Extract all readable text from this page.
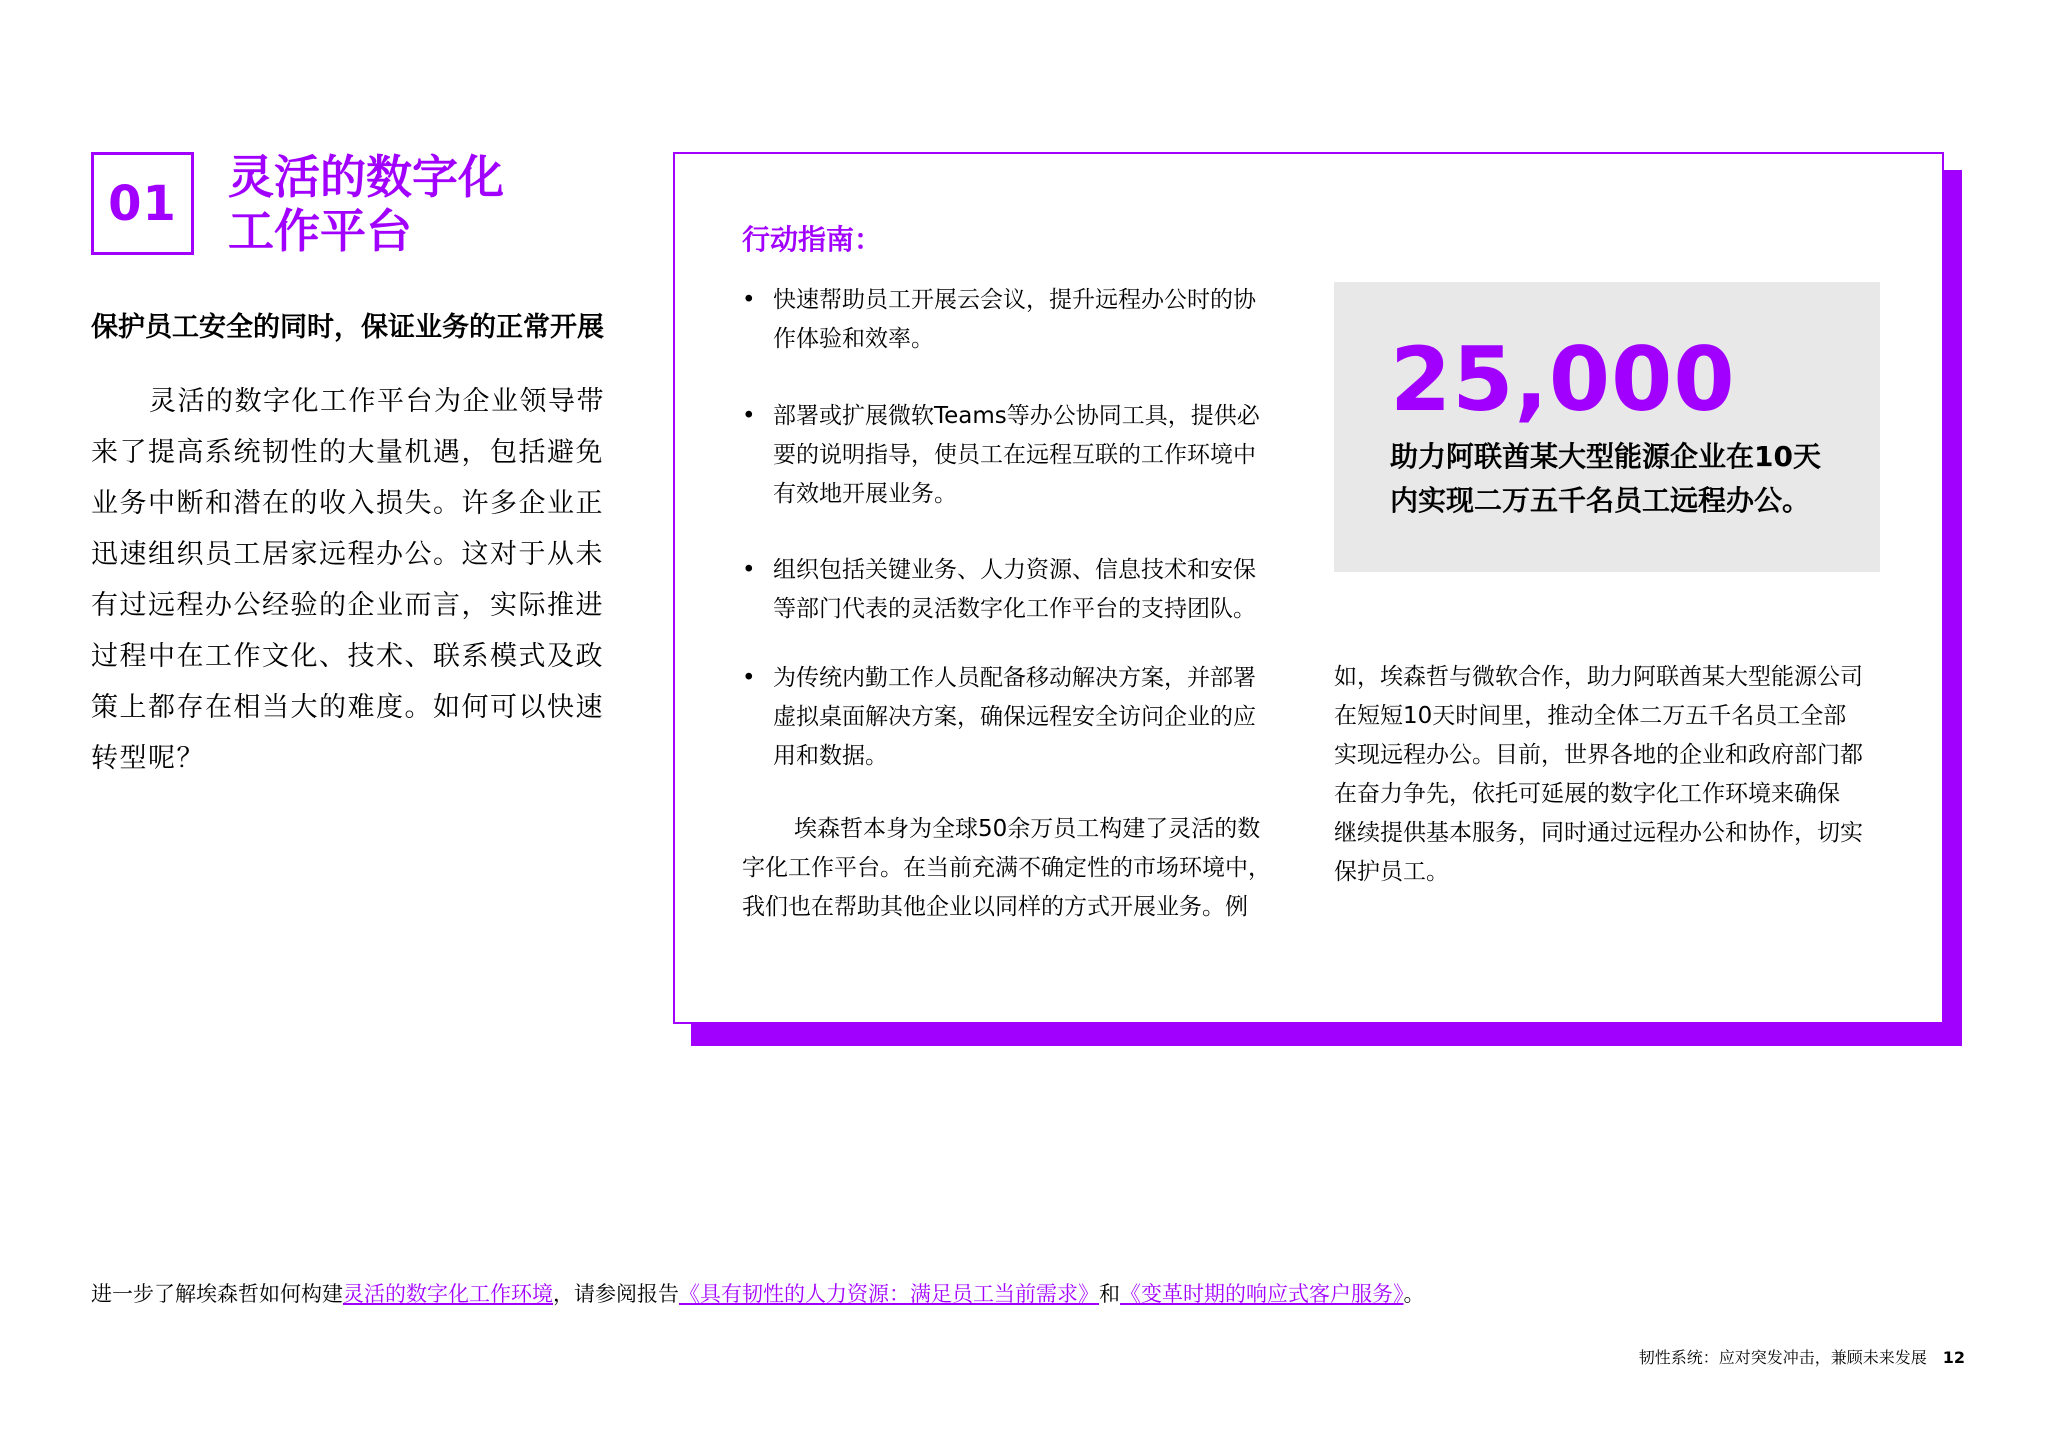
01 灵活的数字化
工作平台
保护员工安全的同时，保证业务的正常开展
灵活的数字化工作平台为企业领导带
来了提高系统韧性的大量机遇，包括避免
业务中断和潜在的收入损失。许多企业正
迅速组织员工居家远程办公。这对于从未
有过远程办公经验的企业而言，实际推进
过程中在工作文化、技术、联系模式及政
策上都存在相当大的难度。如何可以快速
转型呢？
行动指南：
• 快速帮助员工开展云会议，提升远程办公时的协
作体验和效率。
• 部署或扩展微软Teams等办公协同工具，提供必
要的说明指导，使员工在远程互联的工作环境中
有效地开展业务。
• 组织包括关键业务、人力资源、信息技术和安保
等部门代表的灵活数字化工作平台的支持团队。
• 为传统内勤工作人员配备移动解决方案，并部署
虚拟桌面解决方案，确保远程安全访问企业的应
用和数据。
埃森哲本身为全球50余万员工构建了灵活的数
字化工作平台。在当前充满不确定性的市场环境中，
我们也在帮助其他企业以同样的方式开展业务。例
25,000
助力阿联酋某大型能源企业在10天
内实现二万五千名员工远程办公。
如，埃森哲与微软合作，助力阿联酋某大型能源公司
在短短10天时间里，推动全体二万五千名员工全部
实现远程办公。目前，世界各地的企业和政府部门都
在奋力争先，依托可延展的数字化工作环境来确保
继续提供基本服务，同时通过远程办公和协作，切实
保护员工。
进一步了解埃森哲如何构建灵活的数字化工作环境，请参阅报告《具有韧性的人力资源：满足员工当前需求》和《变革时期的响应式客户服务》。
韧性系统：应对突发冲击，兼顾未来发展 12
